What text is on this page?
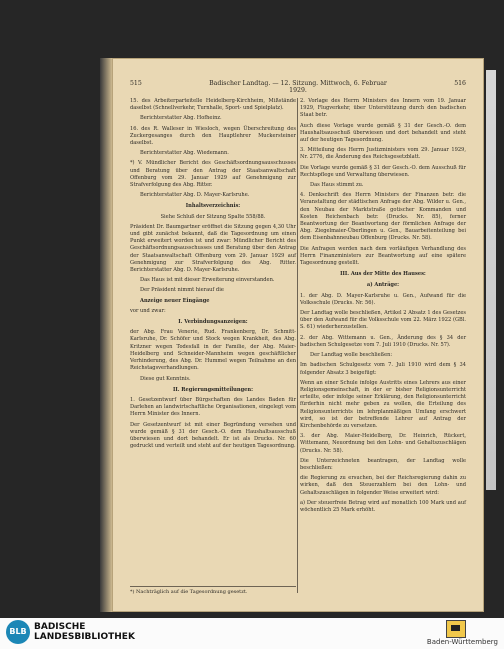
515	Badischer Landtag. — 12. Sitzung. Mittwoch, 6. Februar 1929.
516

15. des Arbeiterparteitelle Heidelberg-Kirchheim, Mißstände daselbst (Schnellverkehr, Turnhalle, Sport- und Spielplatz).

Berichterstatter Abg. Hofheinz.

16. des R. Walleser in Wiesloch, wegen Überschreitung des Zuckergesanges durch den Hauptlehrer Muckersteiner daselbst.

Berichterstatter Abg. Wiedemann.

*) V. Mündlicher Bericht des Geschäftsordnungsausschusses und Beratung über den Antrag der Staatsanwaltschaft Offenburg vom 29. Januar 1929 auf Genehmigung zur Strafverfolgung des Abg. Ritter.

Berichterstatter Abg. D. Mayer-Karlsruhe.

Inhaltsverzeichnis:

Siehe Schluß der Sitzung Spalte 558/88.

Präsident Dr. Baumgartner eröffnet die Sitzung gegen 4,30 Uhr und gibt zunächst bekannt, daß die Tagesordnung um einen Punkt erweitert worden ist und zwar: Mündlicher Bericht des Geschäftsordnungsausschusses und Beratung über den Antrag der Staatsanwaltschaft Offenburg vom 29. Januar 1929 auf Genehmigung zur Strafverfolgung des Abg. Ritter. Berichterstatter Abg. D. Mayer-Karlsruhe.

Das Haus ist mit dieser Erweiterung einverstanden.

Der Präsident nimmt hierauf die

Anzeige neuer Eingänge

vor und zwar:

I. Verbindungsanzeigen:

der Abg. Frau Venerie, Rud. Frankenberg, Dr. Schmitt-Karlsruhe, Dr. Schöfer und Stock wegen Krankheit, des Abg. Kritzner wegen Todesfall in der Familie, der Abg. Maier-Heidelberg und Schneider-Mannheim wegen geschäftlicher Verhinderung, des Abg. Dr. Hummel wegen Teilnahme an den Reichstagsverhandlungen.

Diese gut Kenntnis.

II. Regierungsmitteilungen:

1. Gesetzentwurf über Bürgschaften des Landes Baden für Darlehen an landwirtschaftliche Organisationen, eingelegt vom Herrn Minister des Innern.

Der Gesetzentwurf ist mit einer Begründung versehen und wurde gemäß § 31 der Gesch.-O. dem Haushaltsausschuß überwiesen und dort behandelt. Er ist als Drucks. Nr. 60 gedruckt und verteilt und steht auf der heutigen Tagesordnung.

2. Vorlage des Herrn Ministers des Innern vom 19. Januar 1929, Flugverkehr, über Unterstützung durch den badischen Staat betr.

Auch diese Vorlage wurde gemäß § 31 der Gesch.-O. dem Haushaltsausschuß überwiesen und dort behandelt und steht auf der heutigen Tagesordnung.

3. Mitteilung des Herrn Justizministers vom 29. Januar 1929, Nr. 2776, die Änderung des Reichsgesetzblatt.

Die Vorlage wurde gemäß § 31 der Gesch.-O. dem Ausschuß für Rechtspflege und Verwaltung überwiesen.

Das Haus stimmt zu.

4. Denkschrift des Herrn Ministers der Finanzen betr. die Veranstaltung der städtischen Anfrage der Abg. Wilder u. Gen., den Neubau der Marktstraße gotischer Kommanden und Kosten Reichenbach betr. (Drucks. Nr. 85), ferner Beantwortung der Beantwortung der förmlichen Anfrage der Abg. Ziegelmaier-Überlingen u. Gen., Bauarbeitenteilung bei dem Eisenbahnneubau Offenburg (Drucks. Nr. 58).

Die Anfragen werden nach dem vorläufigen Verhandlung des Herrn Finanzministers zur Beantwortung auf eine spätere Tagesordnung gestellt.

III. Aus der Mitte des Hauses:

a) Anträge:

1. der Abg. D. Mayer-Karlsruhe u. Gen., Aufwand für die Volksschule (Drucks. Nr. 56).

Der Landtag wolle beschließen, Artikel 2 Absatz 1 des Gesetzes über den Aufwand für die Volksschule vom 22. März 1922 (GBl. S. 61) wiederherzustellen.

2. der Abg. Wittemann u. Gen., Änderung des § 34 der badischen Schulgesetze vom 7. Juli 1910 (Drucks. Nr. 57).

Der Landtag wolle beschließen:

Im badischen Schulgesetz vom 7. Juli 1910 wird dem § 34 folgender Absatz 3 beigefügt:

Wenn an einer Schule infolge Austritts eines Lehrers aus einer Religionsgemeinschaft, in der er bisher Religionsunterricht erteilte, oder infolge seiner Erklärung, den Religionsunterricht fürderhin nicht mehr geben zu wollen, die Erteilung des Religionsunterrichts im lehrplanmäßigen Umfang erschwert wird, so ist der betreffende Lehrer auf Antrag der Kirchenbehörde zu versetzen.

3. der Abg. Maier-Heidelberg, Dr. Heinrich, Rückert, Wittemann, Neuordnung bei den Lohn- und Gehaltszuschlägen (Drucks. Nr. 58).

Die Unterzeichneten beantragen, der Landtag wolle beschließen:

die Regierung zu ersuchen, bei der Reichsregierung dahin zu wirken, daß den Steuerzahlern bei den Lohn- und Gehaltszuschlägen in folgender Weise erweitert wird:

a) Der steuerfreie Betrag wird auf monatlich 100 Mark und auf wöchentlich 25 Mark erhöht.

*) Nachträglich auf die Tagesordnung gesetzt.
BLB BADISCHE
LANDESBIBLIOTHEK	Baden-Württemberg
